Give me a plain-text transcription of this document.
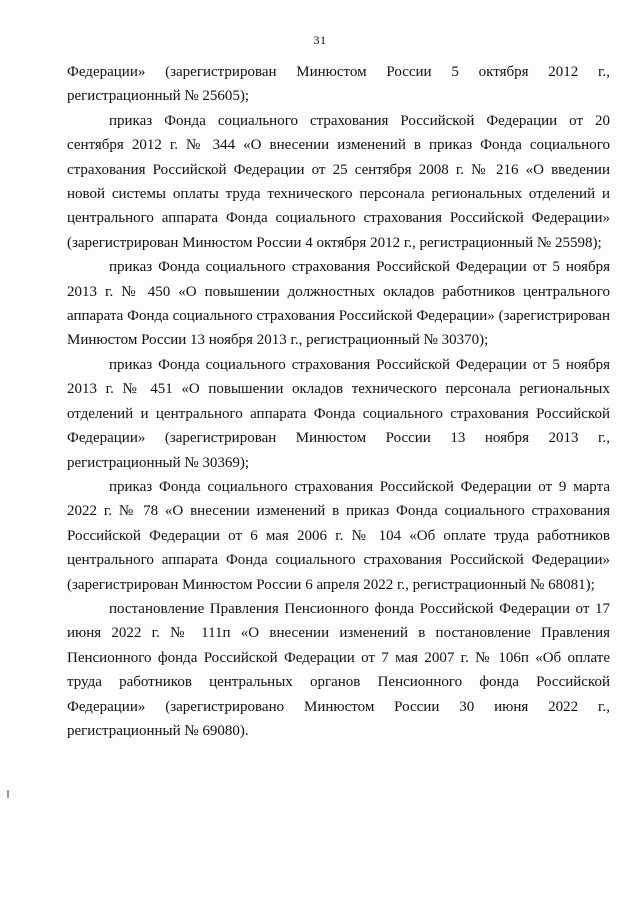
31

Федерации» (зарегистрирован Минюстом России 5 октября 2012 г., регистрационный № 25605);

приказ Фонда социального страхования Российской Федерации от 20 сентября 2012 г. № 344 «О внесении изменений в приказ Фонда социального страхования Российской Федерации от 25 сентября 2008 г. № 216 «О введении новой системы оплаты труда технического персонала региональных отделений и центрального аппарата Фонда социального страхования Российской Федерации» (зарегистрирован Минюстом России 4 октября 2012 г., регистрационный № 25598);

приказ Фонда социального страхования Российской Федерации от 5 ноября 2013 г. № 450 «О повышении должностных окладов работников центрального аппарата Фонда социального страхования Российской Федерации» (зарегистрирован Минюстом России 13 ноября 2013 г., регистрационный № 30370);

приказ Фонда социального страхования Российской Федерации от 5 ноября 2013 г. № 451 «О повышении окладов технического персонала региональных отделений и центрального аппарата Фонда социального страхования Российской Федерации» (зарегистрирован Минюстом России 13 ноября 2013 г., регистрационный № 30369);

приказ Фонда социального страхования Российской Федерации от 9 марта 2022 г. № 78 «О внесении изменений в приказ Фонда социального страхования Российской Федерации от 6 мая 2006 г. № 104 «Об оплате труда работников центрального аппарата Фонда социального страхования Российской Федерации» (зарегистрирован Минюстом России 6 апреля 2022 г., регистрационный № 68081);

постановление Правления Пенсионного фонда Российской Федерации от 17 июня 2022 г. № 111п «О внесении изменений в постановление Правления Пенсионного фонда Российской Федерации от 7 мая 2007 г. № 106п «Об оплате труда работников центральных органов Пенсионного фонда Российской Федерации» (зарегистрировано Минюстом России 30 июня 2022 г., регистрационный № 69080).
